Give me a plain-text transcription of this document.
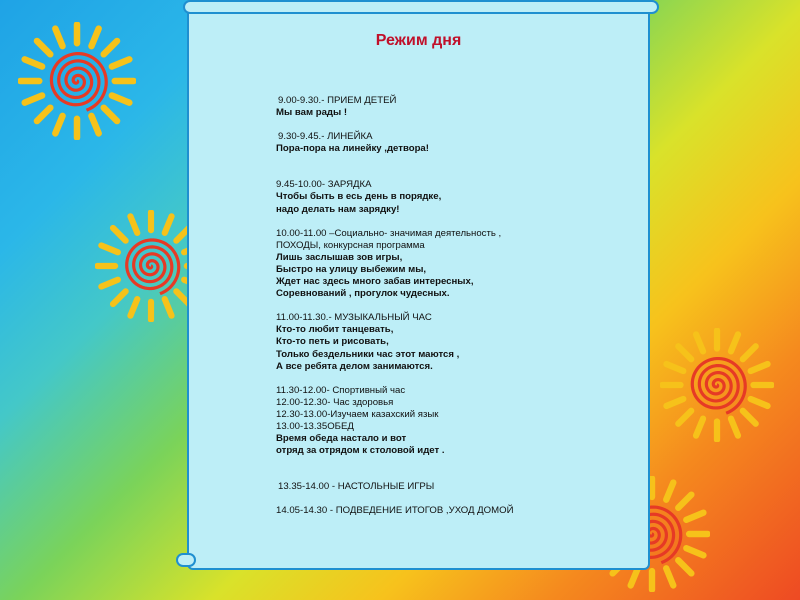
Режим дня
9.00-9.30.- ПРИЕМ ДЕТЕЙ
Мы вам рады !
9.30-9.45.- ЛИНЕЙКА
Пора-пора на линейку ,детвора!
9.45-10.00- ЗАРЯДКА
Чтобы быть в есь день в порядке,
надо делать нам зарядку!
10.00-11.00 –Социально- значимая деятельность ,
ПОХОДЫ, конкурсная программа
Лишь заслышав зов игры,
Быстро на улицу выбежим мы,
Ждет нас здесь много забав интересных,
Соревнований , прогулок чудесных.
11.00-11.30.- МУЗЫКАЛЬНЫЙ ЧАС
Кто-то любит танцевать,
Кто-то петь и рисовать,
Только бездельники час этот маются ,
А все ребята делом занимаются.
11.30-12.00- Спортивный час
12.00-12.30- Час здоровья
12.30-13.00-Изучаем казахский язык
13.00-13.35ОБЕД
Время обеда настало и вот
отряд за отрядом к столовой идет .
13.35-14.00 - НАСТОЛЬНЫЕ ИГРЫ
14.05-14.30 - ПОДВЕДЕНИЕ ИТОГОВ ,УХОД ДОМОЙ
